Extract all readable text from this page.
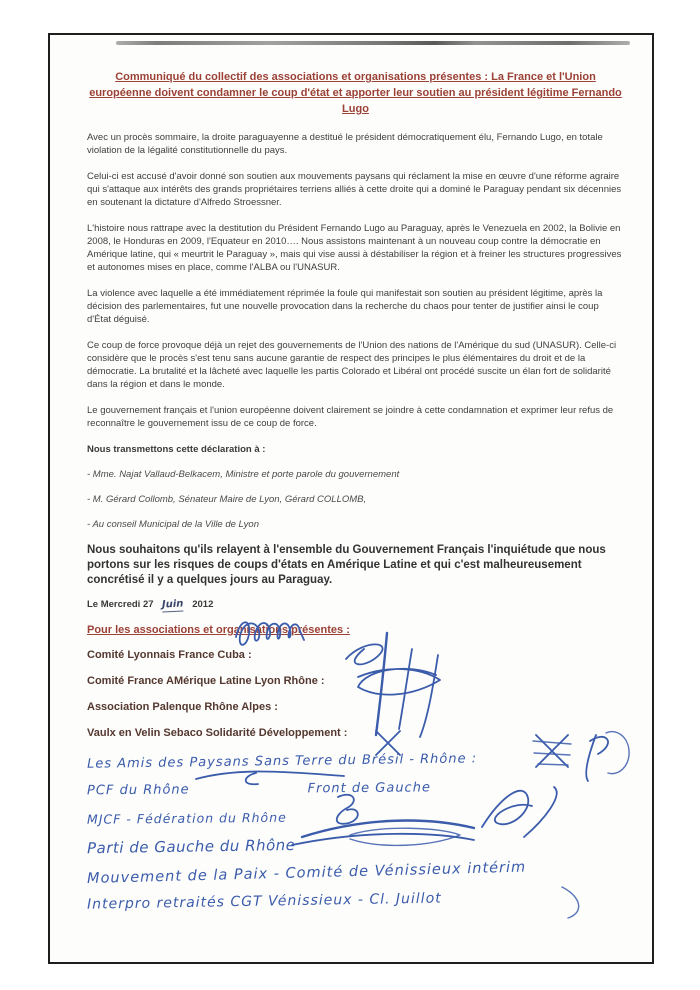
Communiqué du collectif des associations et organisations présentes : La France et l'Union européenne doivent condamner le coup d'état et apporter leur soutien au président légitime Fernando Lugo

Avec un procès sommaire, la droite paraguayenne a destitué le président démocratiquement élu, Fernando Lugo, en totale violation de la légalité constitutionnelle du pays.

Celui-ci est accusé d'avoir donné son soutien aux mouvements paysans qui réclament la mise en œuvre d'une réforme agraire qui s'attaque aux intérêts des grands propriétaires terriens alliés à cette droite qui a dominé le Paraguay pendant six décennies en soutenant la dictature d'Alfredo Stroessner.

L'histoire nous rattrape avec la destitution du Président Fernando Lugo au Paraguay, après le Venezuela en 2002, la Bolivie en 2008, le Honduras en 2009, l'Equateur en 2010…. Nous assistons maintenant à un nouveau coup contre la démocratie en Amérique latine, qui « meurtrit le Paraguay », mais qui vise aussi à déstabiliser la région et à freiner les structures progressives et autonomes mises en place, comme l'ALBA ou l'UNASUR.

La violence avec laquelle a été immédiatement réprimée la foule qui manifestait son soutien au président légitime, après la décision des parlementaires, fut une nouvelle provocation dans la recherche du chaos pour tenter de justifier ainsi le coup d'État déguisé.

Ce coup de force provoque déjà un rejet des gouvernements de l'Union des nations de l'Amérique du sud (UNASUR). Celle-ci considère que le procès s'est tenu sans aucune garantie de respect des principes le plus élémentaires du droit et de la démocratie. La brutalité et la lâcheté avec laquelle les partis Colorado et Libéral ont procédé suscite un élan fort de solidarité dans la région et dans le monde.

Le gouvernement français et l'union européenne doivent clairement se joindre à cette condamnation et exprimer leur refus de reconnaître le gouvernement issu de ce coup de force.

Nous transmettons cette déclaration à :

- Mme. Najat Vallaud-Belkacem, Ministre et porte parole du gouvernement

- M. Gérard Collomb, Sénateur Maire de Lyon, Gérard COLLOMB,

- Au conseil Municipal de la Ville de Lyon

Nous souhaitons qu'ils relayent à l'ensemble du Gouvernement Français l'inquiétude que nous portons sur les risques de coups d'états en Amérique Latine et qui c'est malheureusement concrétisé il y a quelques jours au Paraguay.

Le Mercredi 27 Juin 2012

Pour les associations et organisations présentes :

Comité Lyonnais France Cuba :

Comité France AMérique Latine Lyon Rhône :

Association Palenque Rhône Alpes :

Vaulx en Velin Sebaco Solidarité Développement :

Les Amis des Paysans Sans Terre du Brésil - Rhône :
PCF du Rhône	Front de Gauche
MJCF - Fédération du Rhône
Parti de Gauche du Rhône
Mouvement de la Paix - Comité de Vénissieux intérim
Interpro retraités CGT Vénissieux - Cl. Juillot
